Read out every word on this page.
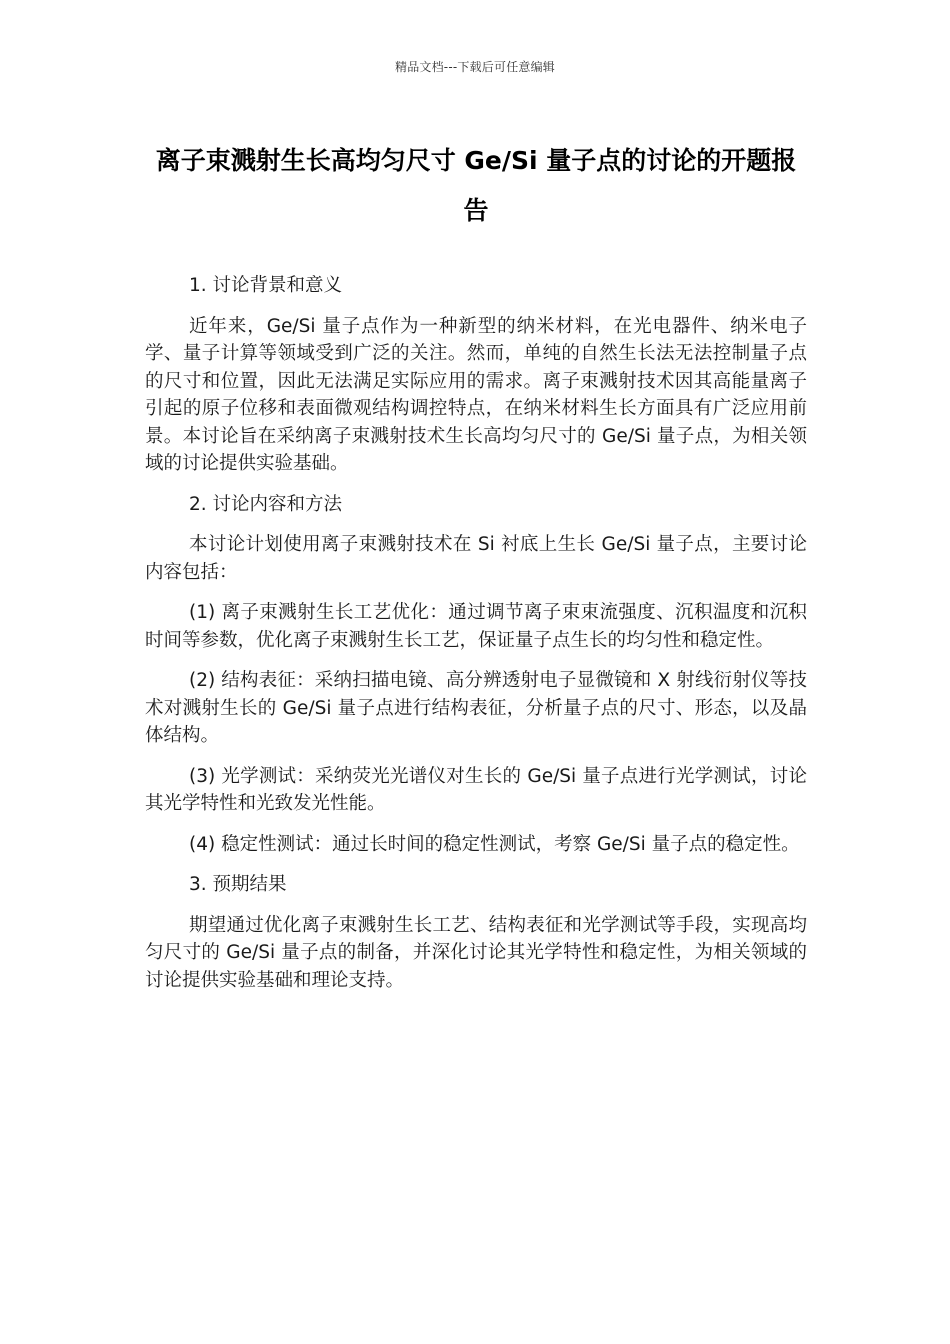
精品文档---下载后可任意编辑
离子束溅射生长高均匀尺寸 Ge/Si 量子点的讨论的开题报告

1. 讨论背景和意义

近年来，Ge/Si 量子点作为一种新型的纳米材料，在光电器件、纳米电子学、量子计算等领域受到广泛的关注。然而，单纯的自然生长法无法控制量子点的尺寸和位置，因此无法满足实际应用的需求。离子束溅射技术因其高能量离子引起的原子位移和表面微观结构调控特点，在纳米材料生长方面具有广泛应用前景。本讨论旨在采纳离子束溅射技术生长高均匀尺寸的 Ge/Si 量子点，为相关领域的讨论提供实验基础。

2. 讨论内容和方法

本讨论计划使用离子束溅射技术在 Si 衬底上生长 Ge/Si 量子点，主要讨论内容包括：

(1) 离子束溅射生长工艺优化：通过调节离子束束流强度、沉积温度和沉积时间等参数，优化离子束溅射生长工艺，保证量子点生长的均匀性和稳定性。

(2) 结构表征：采纳扫描电镜、高分辨透射电子显微镜和 X 射线衍射仪等技术对溅射生长的 Ge/Si 量子点进行结构表征，分析量子点的尺寸、形态，以及晶体结构。

(3) 光学测试：采纳荧光光谱仪对生长的 Ge/Si 量子点进行光学测试，讨论其光学特性和光致发光性能。

(4) 稳定性测试：通过长时间的稳定性测试，考察 Ge/Si 量子点的稳定性。

3. 预期结果

期望通过优化离子束溅射生长工艺、结构表征和光学测试等手段，实现高均匀尺寸的 Ge/Si 量子点的制备，并深化讨论其光学特性和稳定性，为相关领域的讨论提供实验基础和理论支持。
